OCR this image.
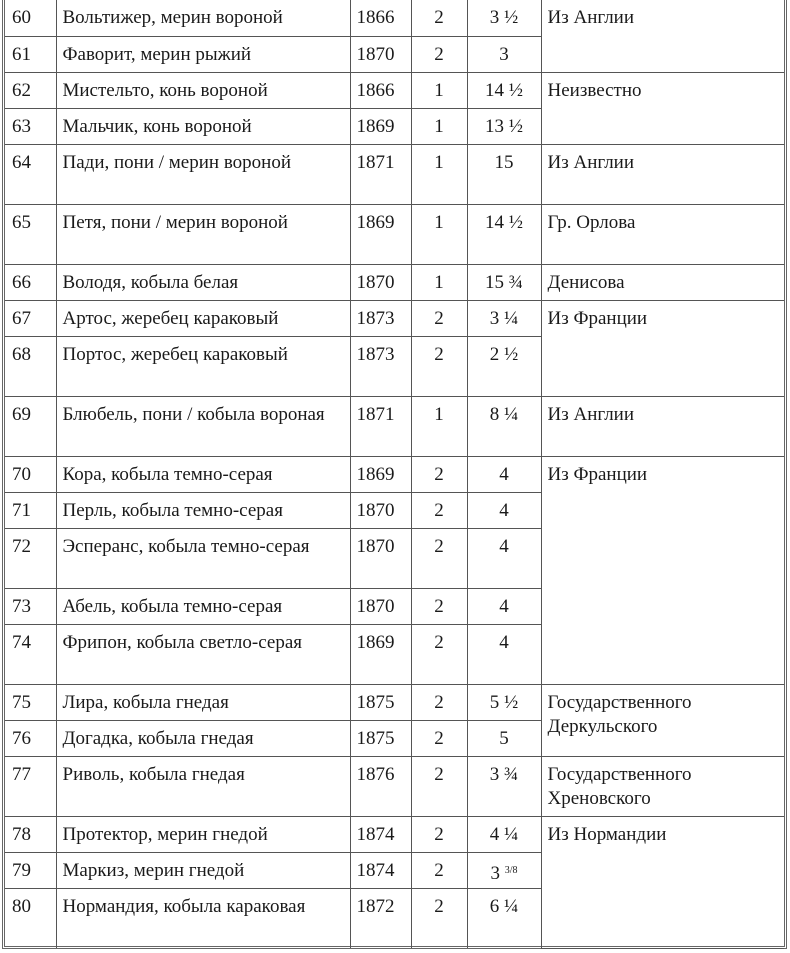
60	Вольтижер, мерин вороной	1866	2	3 ½	Из Англии
61	Фаворит, мерин рыжий	1870	2	3	
62	Мистельто, конь вороной	1866	1	14 ½	Неизвестно
63	Мальчик, конь вороной	1869	1	13 ½	
64	Пади, пони / мерин вороной	1871	1	15	Из Англии
65	Петя, пони / мерин вороной	1869	1	14 ½	Гр. Орлова
66	Володя, кобыла белая	1870	1	15 ¾	Денисова
67	Артос, жеребец караковый	1873	2	3 ¼	Из Франции
68	Портос, жеребец караковый	1873	2	2 ½	
69	Блюбель, пони / кобыла вороная	1871	1	8 ¼	Из Англии
70	Кора, кобыла темно-серая	1869	2	4	Из Франции
71	Перль, кобыла темно-серая	1870	2	4	
72	Эсперанс, кобыла темно-серая	1870	2	4	
73	Абель, кобыла темно-серая	1870	2	4	
74	Фрипон, кобыла светло-серая	1869	2	4	
75	Лира, кобыла гнедая	1875	2	5 ½	Государственного Деркульского
76	Догадка, кобыла гнедая	1875	2	5	
77	Риволь, кобыла гнедая	1876	2	3 ¾	Государственного Хреновского
78	Протектор, мерин гнедой	1874	2	4 ¼	Из Нормандии
79	Маркиз, мерин гнедой	1874	2	3 $^{3/8}$
80	Нормандия, кобыла караковая	1872	2	6 ¼	
